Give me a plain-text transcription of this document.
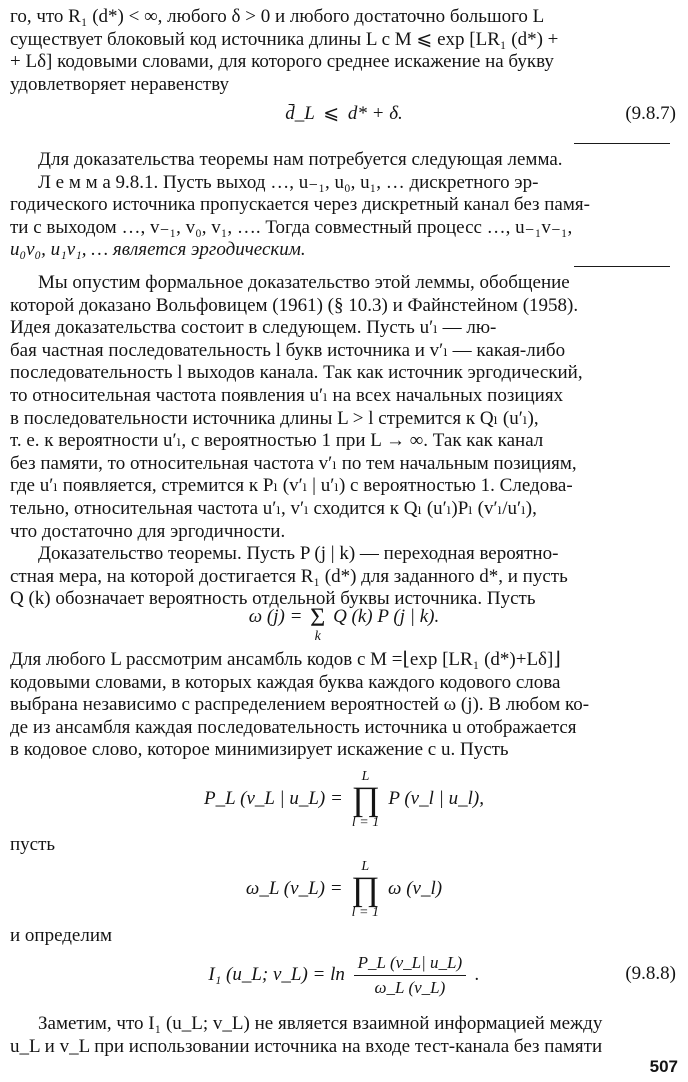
го, что R₁ (d*) < ∞, любого δ > 0 и любого достаточно большого L
существует блоковый код источника длины L с M ⩽ exp [LR₁ (d*) +
+ Lδ] кодовыми словами, для которого среднее искажение на букву
удовлетворяет неравенству
d̄_L ⩽ d* + δ.	(9.8.7)
Для доказательства теоремы нам потребуется следующая лемма.
Л е м м а 9.8.1. Пусть выход …, u₋₁, u₀, u₁, … дискретного эр-
годического источника пропускается через дискретный канал без памя-
ти с выходом …, v₋₁, v₀, v₁, …. Тогда совместный процесс …, u₋₁v₋₁,
u₀v₀, u₁v₁, … является эргодическим.
Мы опустим формальное доказательство этой леммы, обобщение
которой доказано Вольфовицем (1961) (§ 10.3) и Файнстейном (1958).
Идея доказательства состоит в следующем. Пусть u′ₗ — лю-
бая частная последовательность l букв источника и v′ₗ — какая-либо
последовательность l выходов канала. Так как источник эргодический,
то относительная частота появления u′ₗ на всех начальных позициях
в последовательности источника длины L > l стремится к Qₗ (u′ₗ),
т. е. к вероятности u′ₗ, с вероятностью 1 при L → ∞. Так как канал
без памяти, то относительная частота v′ₗ по тем начальным позициям,
где u′ₗ появляется, стремится к Pₗ (v′ₗ | u′ₗ) с вероятностью 1. Следова-
тельно, относительная частота u′ₗ, v′ₗ сходится к Qₗ (u′ₗ)Pₗ (v′ₗ/u′ₗ),
что достаточно для эргодичности.
Доказательство теоремы. Пусть P (j | k) — переходная вероятно-
стная мера, на которой достигается R₁ (d*) для заданного d*, и пусть
Q (k) обозначает вероятность отдельной буквы источника. Пусть
ω (j) = Σ
k
Q (k) P (j | k).
Для любого L рассмотрим ансамбль кодов с M =⌊exp [LR₁ (d*)+Lδ]⌋
кодовыми словами, в которых каждая буква каждого кодового слова
выбрана независимо с распределением вероятностей ω (j). В любом ко-
де из ансамбля каждая последовательность источника u отображается
в кодовое слово, которое минимизирует искажение с u. Пусть
P_L (v_L | u_L) =
L
∏
l = 1
P (v_l | u_l),
пусть
ω_L (v_L) =
L
∏
l = 1
ω (v_l)
и определим
I₁ (u_L; v_L) = $\ln \frac{P\_L (v\_L| u\_L)}{\omega\_L (v\_L)}$ .	(9.8.8)
Заметим, что I₁ (u_L; v_L) не является взаимной информацией между
u_L и v_L при использовании источника на входе тест-канала без памяти
507
